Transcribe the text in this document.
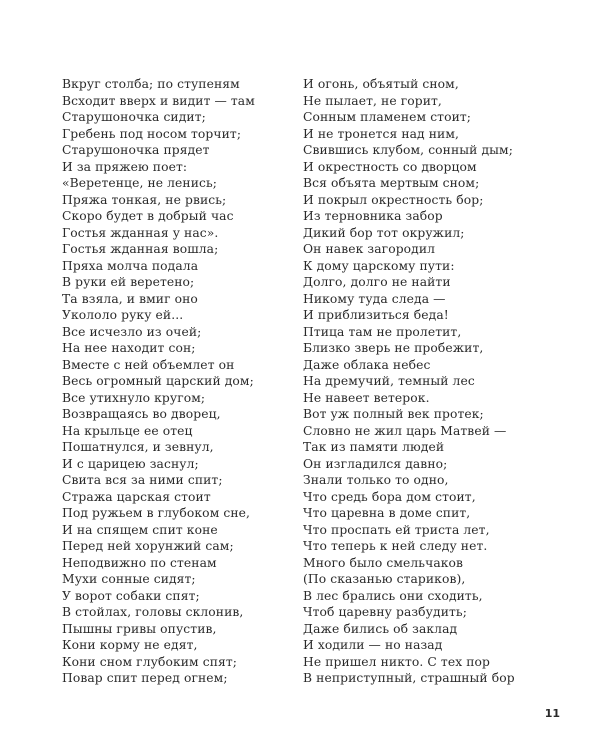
Вкруг столба; по ступеням
Всходит вверх и видит — там
Старушоночка сидит;
Гребень под носом торчит;
Старушоночка прядет
И за пряжею поет:
«Веретенце, не ленись;
Пряжа тонкая, не рвись;
Скоро будет в добрый час
Гостья жданная у нас».
Гостья жданная вошла;
Пряха молча подала
В руки ей веретено;
Та взяла, и вмиг оно
Укололо руку ей...
Все исчезло из очей;
На нее находит сон;
Вместе с ней объемлет он
Весь огромный царский дом;
Все утихнуло кругом;
Возвращаясь во дворец,
На крыльце ее отец
Пошатнулся, и зевнул,
И с царицею заснул;
Свита вся за ними спит;
Стража царская стоит
Под ружьем в глубоком сне,
И на спящем спит коне
Перед ней хорунжий сам;
Неподвижно по стенам
Мухи сонные сидят;
У ворот собаки спят;
В стойлах, головы склонив,
Пышны гривы опустив,
Кони корму не едят,
Кони сном глубоким спят;
Повар спит перед огнем;
И огонь, объятый сном,
Не пылает, не горит,
Сонным пламенем стоит;
И не тронется над ним,
Свившись клубом, сонный дым;
И окрестность со дворцом
Вся объята мертвым сном;
И покрыл окрестность бор;
Из терновника забор
Дикий бор тот окружил;
Он навек загородил
К дому царскому пути:
Долго, долго не найти
Никому туда следа —
И приблизиться беда!
Птица там не пролетит,
Близко зверь не пробежит,
Даже облака небес
На дремучий, темный лес
Не навеет ветерок.
Вот уж полный век протек;
Словно не жил царь Матвей —
Так из памяти людей
Он изгладился давно;
Знали только то одно,
Что средь бора дом стоит,
Что царевна в доме спит,
Что проспать ей триста лет,
Что теперь к ней следу нет.
Много было смельчаков
(По сказанью стариков),
В лес брались они сходить,
Чтоб царевну разбудить;
Даже бились об заклад
И ходили — но назад
Не пришел никто. С тех пор
В неприступный, страшный бор
11
